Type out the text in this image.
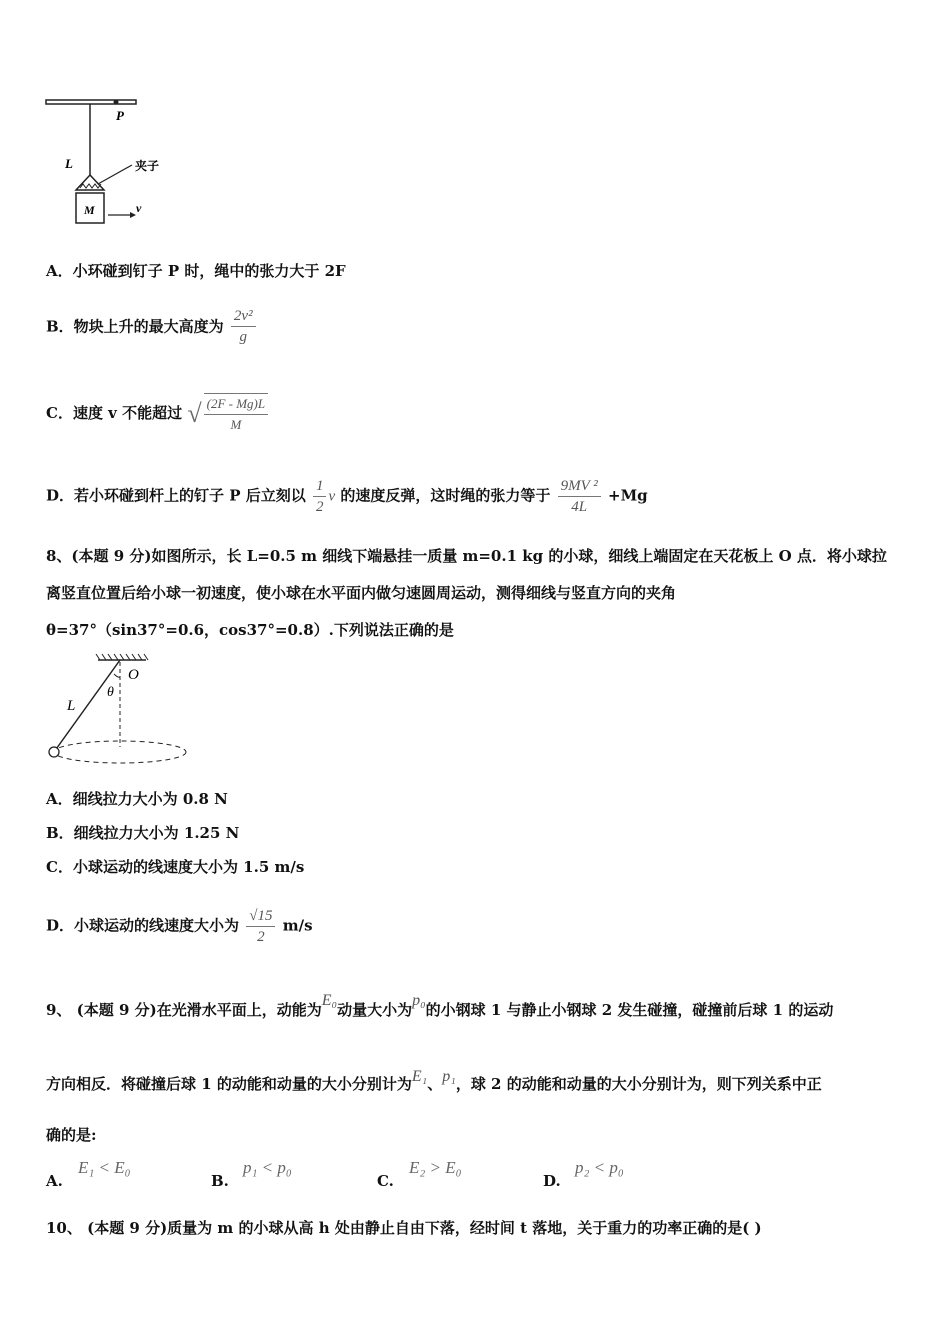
P
L	夹子
M	v
A．小环碰到钉子 P 时，绳中的张力大于 2F
B．物块上升的最大高度为 $\frac{\text{2v²}}{g}$
C．速度 v 不能超过 √ $\frac{(2F - Mg)L}{M}$
D．若小环碰到杆上的钉子 P 后立刻以 $\frac{1}{2}$ v 的速度反弹，这时绳的张力等于 $\frac{\text{9MV ²}}{4L} +Mg$
8、(本题 9 分)如图所示，长 L=0.5 m 细线下端悬挂一质量 m=0.1 kg 的小球，细线上端固定在天花板上 O 点．将小球拉
离竖直位置后给小球一初速度，使小球在水平面内做匀速圆周运动，测得细线与竖直方向的夹角
θ=37°（sin37°=0.6，cos37°=0.8）.下列说法正确的是
O
θ
L
A．细线拉力大小为 0.8 N
B．细线拉力大小为 1.25 N
C．小球运动的线速度大小为 1.5 m/s
D．小球运动的线速度大小为 $\frac{√15}{2} m/s$
9、 (本题 9 分)在光滑水平面上，动能为E₀动量大小为p₀的小钢球 1 与静止小钢球 2 发生碰撞，碰撞前后球 1 的运动
方向相反．将碰撞后球 1 的动能和动量的大小分别计为E₁、p₁，球 2 的动能和动量的大小分别计为，则下列关系中正
确的是:
A.
E₁ < E₀
B.
p₁ < p₀
C.
E₂ > E₀
D.
p₂ < p₀
10、 (本题 9 分)质量为 m 的小球从高 h 处由静止自由下落，经时间 t 落地，关于重力的功率正确的是( )
